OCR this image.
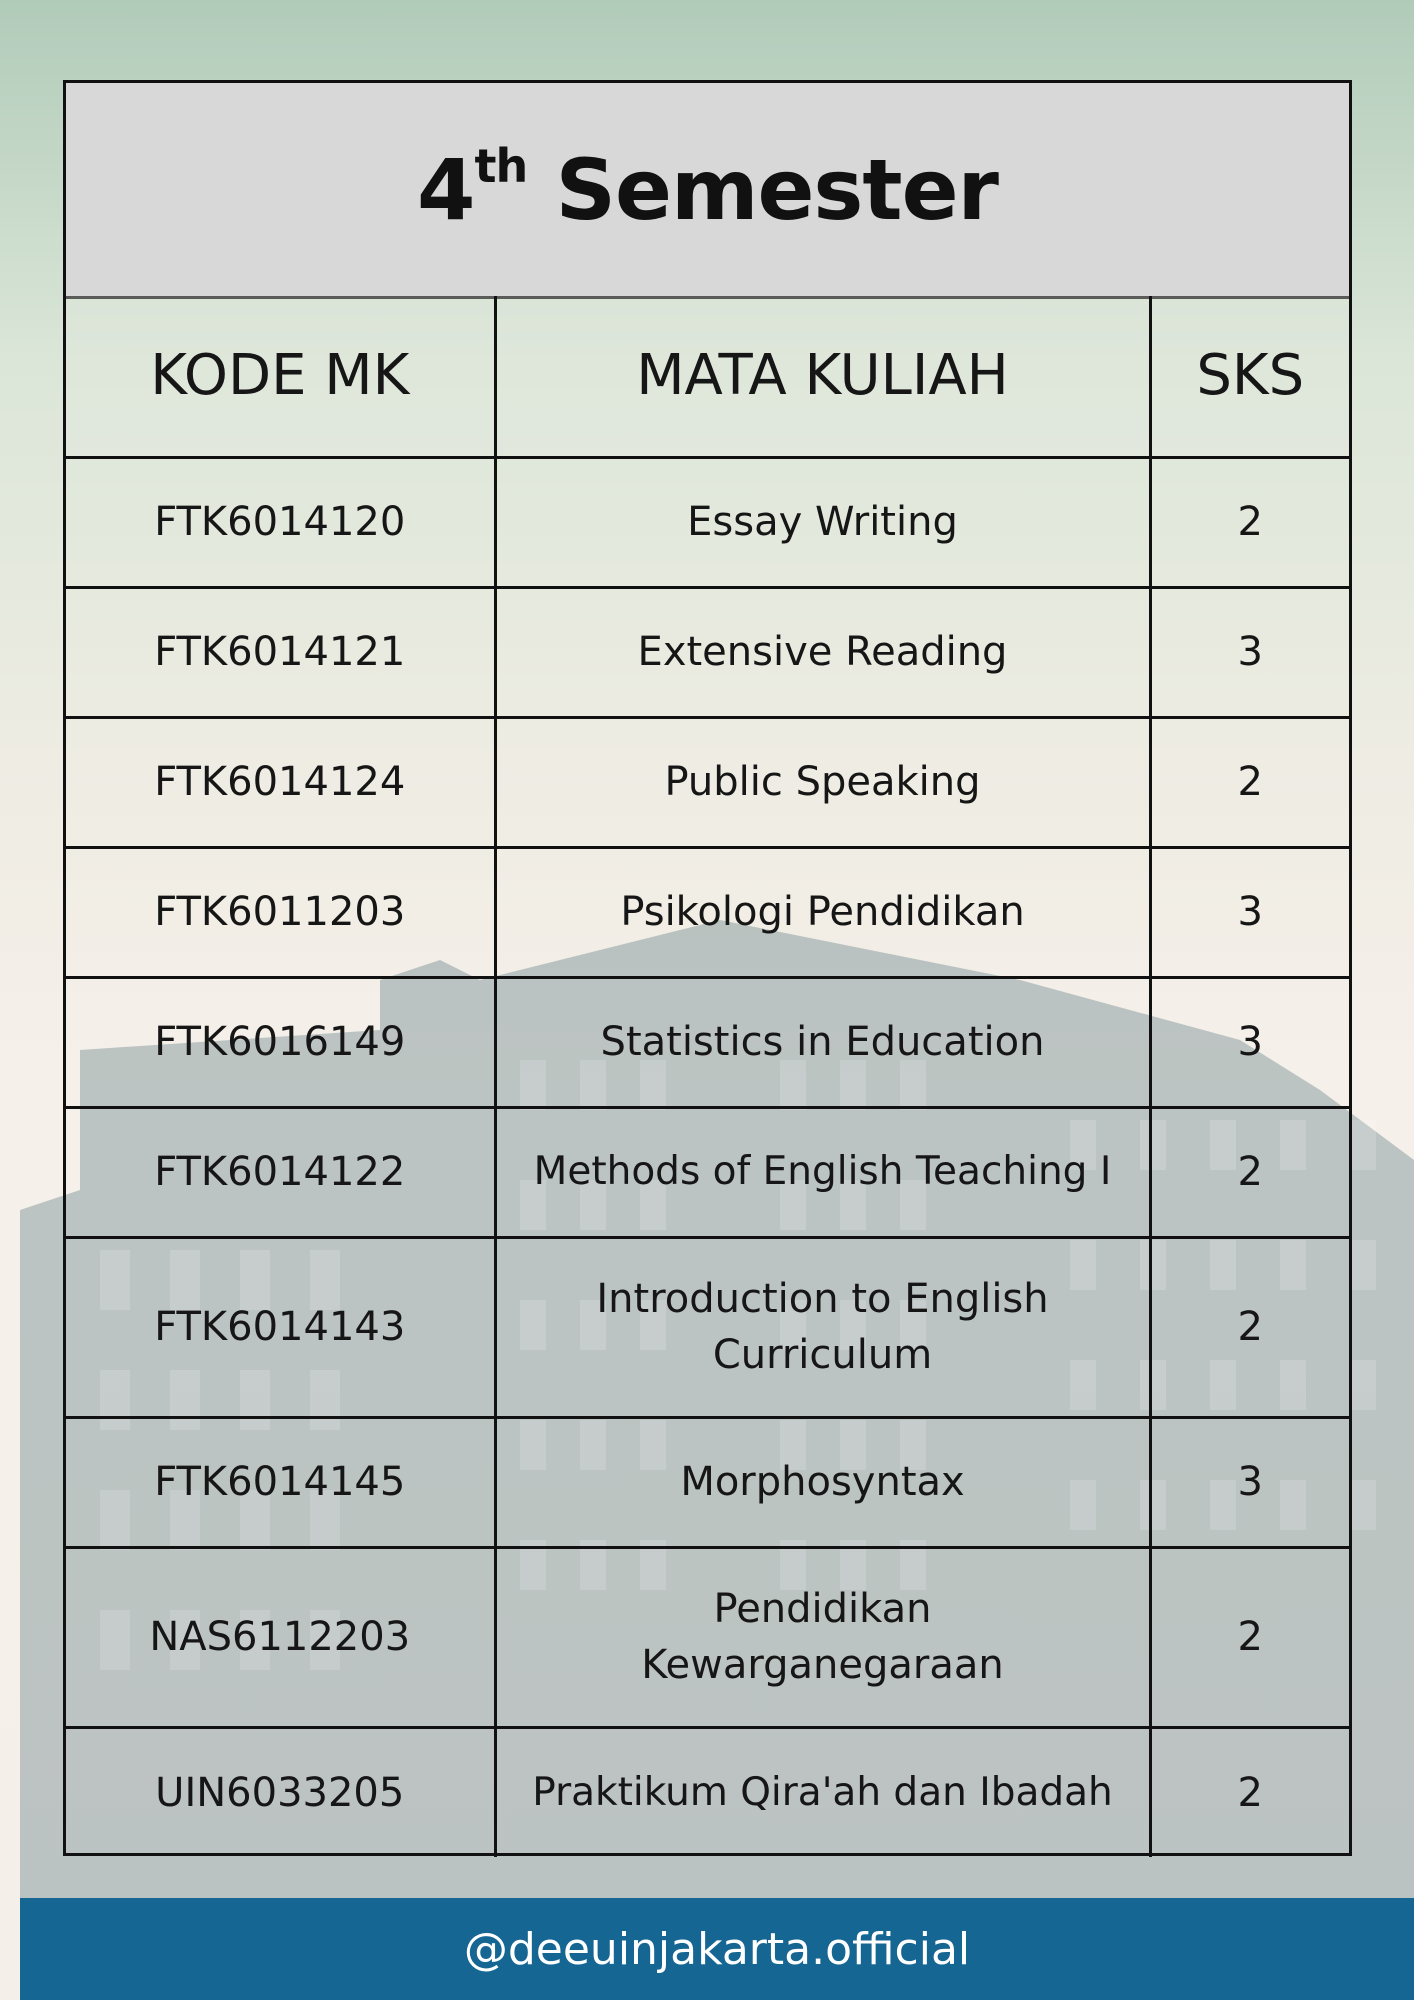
4th Semester
KODE MK	MATA KULIAH	SKS
FTK6014120	Essay Writing	2
FTK6014121	Extensive Reading	3
FTK6014124	Public Speaking	2
FTK6011203	Psikologi Pendidikan	3
FTK6016149	Statistics in Education	3
FTK6014122	Methods of English Teaching I	2
FTK6014143	Introduction to English Curriculum	2
FTK6014145	Morphosyntax	3
NAS6112203	Pendidikan Kewarganegaraan	2
UIN6033205	Praktikum Qira'ah dan Ibadah	2
@deeuinjakarta.official
